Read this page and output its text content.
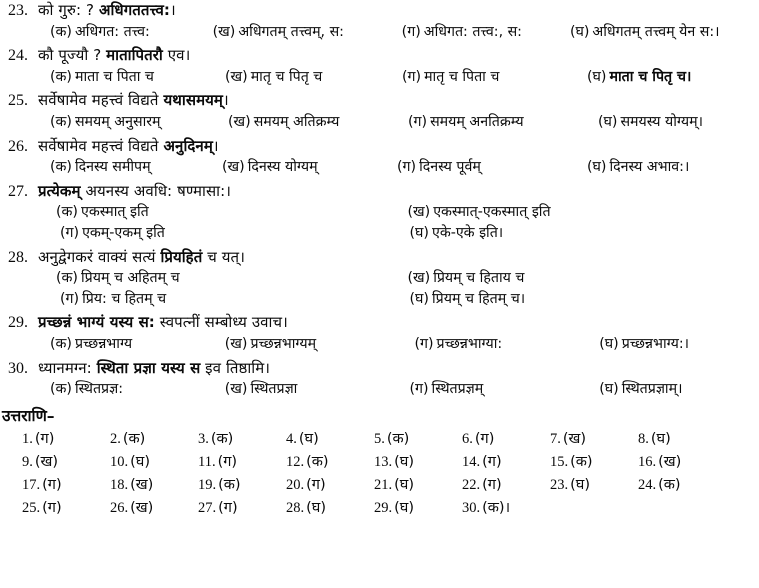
23. को गुरु: ? अधिगततत्त्व:।
(क) अधिगत: तत्त्व:	(ख) अधिगतम् तत्त्वम्, स:	(ग) अधिगत: तत्त्व:, स:	(घ) अधिगतम् तत्त्वम् येन स:।
24. कौ पूज्यौ ? मातापितरौ एव।
(क) माता च पिता च	(ख) मातृ च पितृ च	(ग) मातृ च पिता च	(घ) माता च पितृ च।
25. सर्वेषामेव महत्त्वं विद्यते यथासमयम्।
(क) समयम् अनुसारम्	(ख) समयम् अतिक्रम्य	(ग) समयम् अनतिक्रम्य	(घ) समयस्य योग्यम्।
26. सर्वेषामेव महत्त्वं विद्यते अनुदिनम्।
(क) दिनस्य समीपम्	(ख) दिनस्य योग्यम्	(ग) दिनस्य पूर्वम्	(घ) दिनस्य अभाव:।
27. प्रत्येकम् अयनस्य अवधि: षण्मासा:।
(क) एकस्मात् इति	(ख) एकस्मात्-एकस्मात् इति
(ग) एकम्-एकम् इति	(घ) एके-एके इति।
28. अनुद्वेगकरं वाक्यं सत्यं प्रियहितं च यत्।
(क) प्रियम् च अहितम् च	(ख) प्रियम् च हिताय च
(ग) प्रिय: च हितम् च	(घ) प्रियम् च हितम् च।
29. प्रच्छन्नं भाग्यं यस्य स: स्वपत्नीं सम्बोध्य उवाच।
(क) प्रच्छन्नभाग्य	(ख) प्रच्छन्नभाग्यम्	(ग) प्रच्छन्नभाग्या:	(घ) प्रच्छन्नभाग्य:।
30. ध्यानमग्न: स्थिता प्रज्ञा यस्य स इव तिष्ठामि।
(क) स्थितप्रज्ञ:	(ख) स्थितप्रज्ञा	(ग) स्थितप्रज्ञम्	(घ) स्थितप्रज्ञाम्।
उत्तराणि–
1. (ग)	2. (क)	3. (क)	4. (घ)	5. (क)	6. (ग)	7. (ख)	8. (घ)
9. (ख)	10. (घ)	11. (ग)	12. (क)	13. (घ)	14. (ग)	15. (क)	16. (ख)
17. (ग)	18. (ख)	19. (क)	20. (ग)	21. (घ)	22. (ग)	23. (घ)	24. (क)
25. (ग)	26. (ख)	27. (ग)	28. (घ)	29. (घ)	30. (क)।
